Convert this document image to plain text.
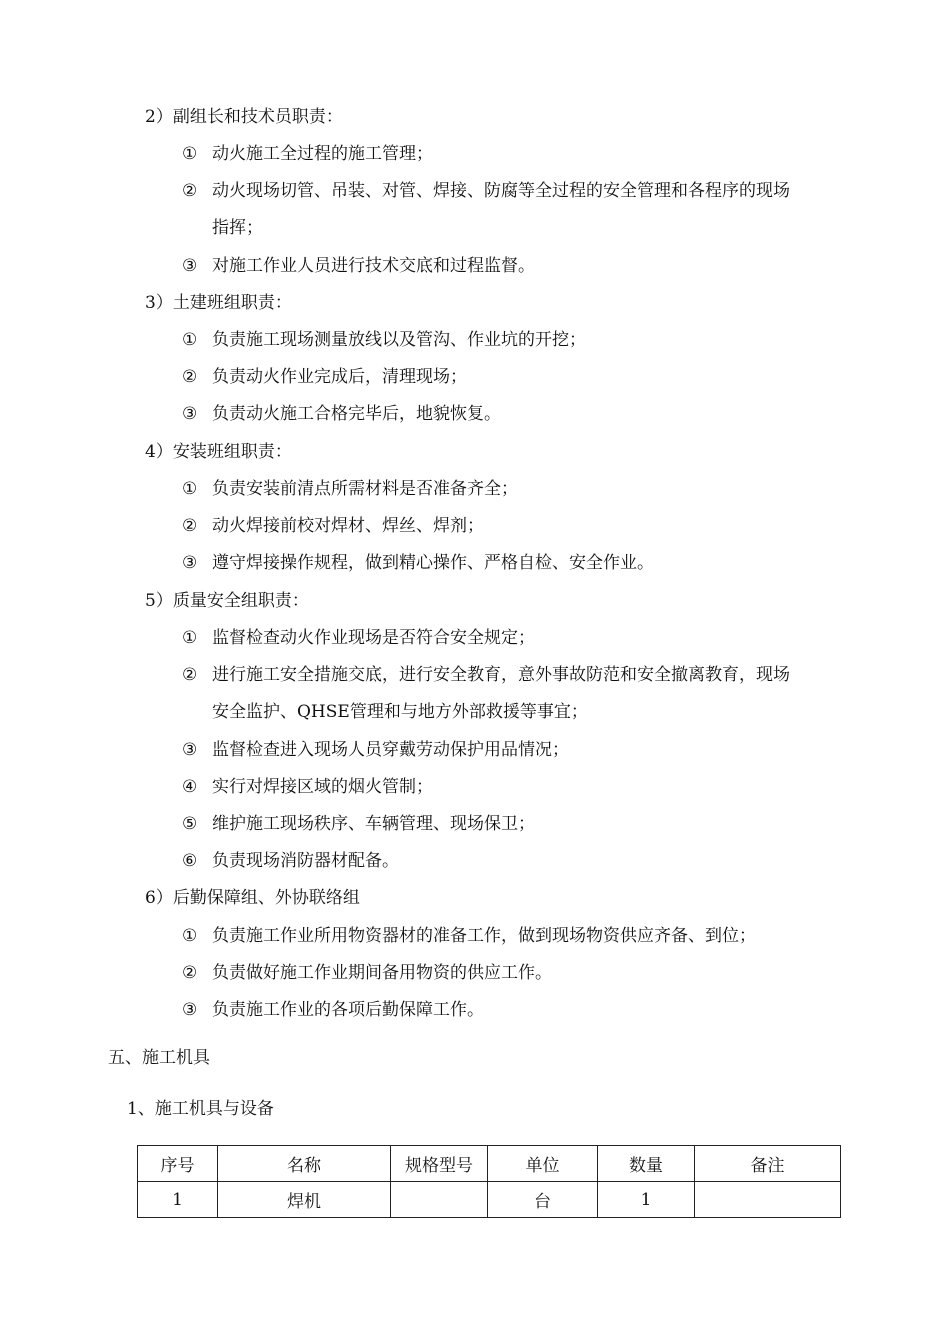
2）副组长和技术员职责：
① 动火施工全过程的施工管理；
② 动火现场切管、吊装、对管、焊接、防腐等全过程的安全管理和各程序的现场
指挥；
③ 对施工作业人员进行技术交底和过程监督。
3）土建班组职责：
① 负责施工现场测量放线以及管沟、作业坑的开挖；
② 负责动火作业完成后，清理现场；
③ 负责动火施工合格完毕后，地貌恢复。
4）安装班组职责：
① 负责安装前清点所需材料是否准备齐全；
② 动火焊接前校对焊材、焊丝、焊剂；
③ 遵守焊接操作规程，做到精心操作、严格自检、安全作业。
5）质量安全组职责：
① 监督检查动火作业现场是否符合安全规定；
② 进行施工安全措施交底，进行安全教育，意外事故防范和安全撤离教育，现场
安全监护、QHSE管理和与地方外部救援等事宜；
③ 监督检查进入现场人员穿戴劳动保护用品情况；
④ 实行对焊接区域的烟火管制；
⑤ 维护施工现场秩序、车辆管理、现场保卫；
⑥ 负责现场消防器材配备。
6）后勤保障组、外协联络组
① 负责施工作业所用物资器材的准备工作，做到现场物资供应齐备、到位；
② 负责做好施工作业期间备用物资的供应工作。
③ 负责施工作业的各项后勤保障工作。
五、施工机具
1、施工机具与设备
序号	名称	规格型号	单位	数量	备注
1	焊机		台	1	
